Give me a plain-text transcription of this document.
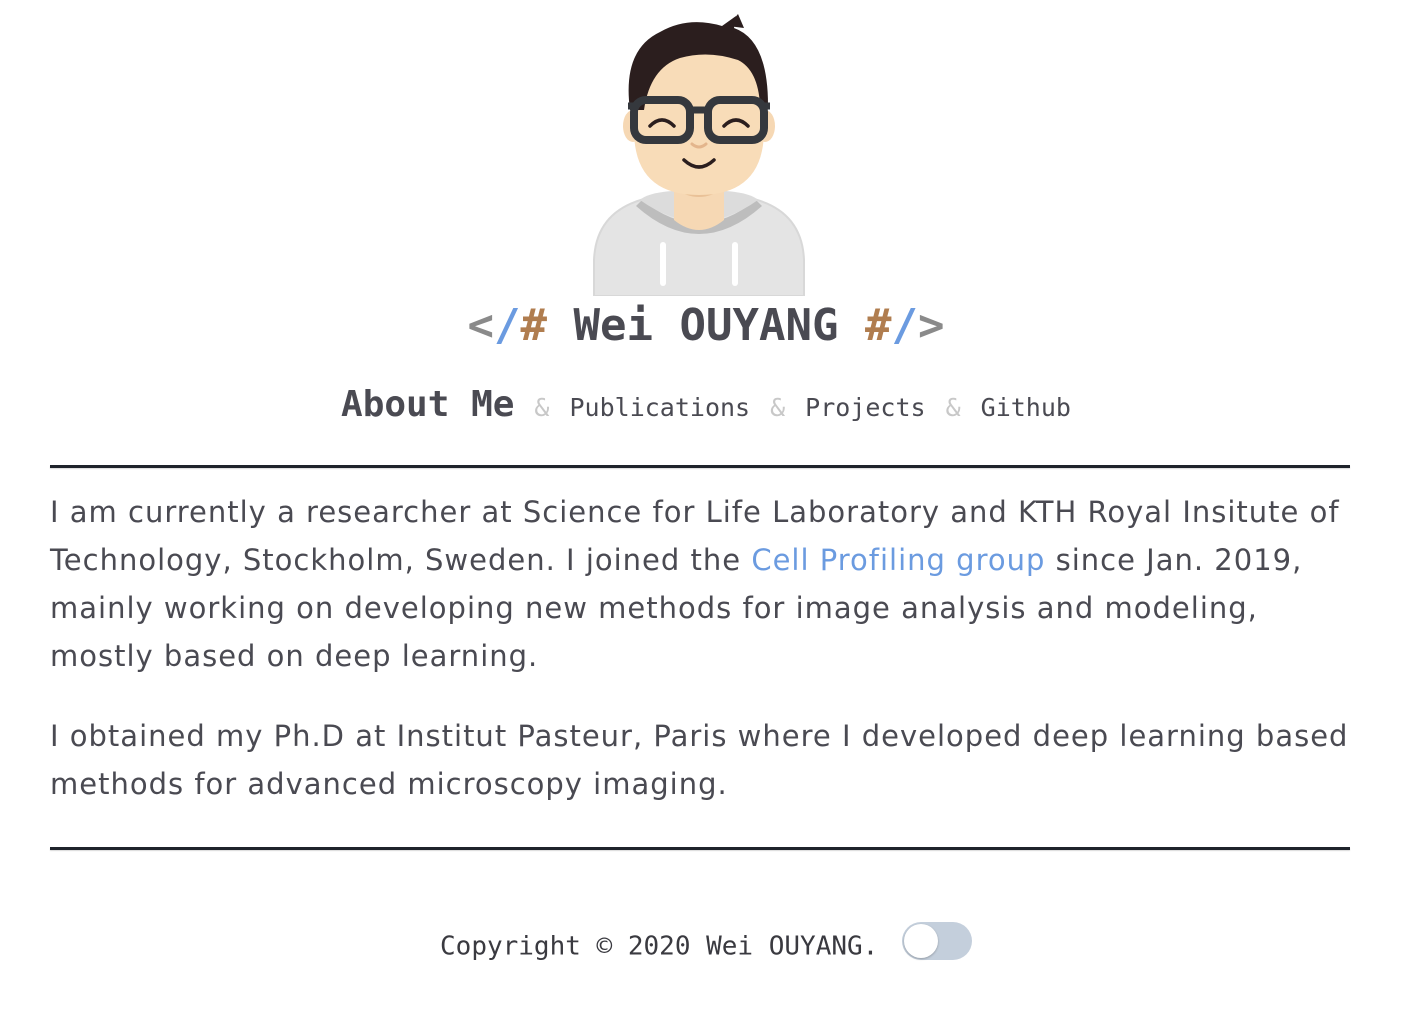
</# Wei OUYANG #/>
About Me & Publications & Projects & Github

I am currently a researcher at Science for Life Laboratory and KTH Royal Insitute of Technology, Stockholm, Sweden. I joined the Cell Profiling group since Jan. 2019, mainly working on developing new methods for image analysis and modeling, mostly based on deep learning.

I obtained my Ph.D at Institut Pasteur, Paris where I developed deep learning based methods for advanced microscopy imaging.

Copyright © 2020 Wei OUYANG.
